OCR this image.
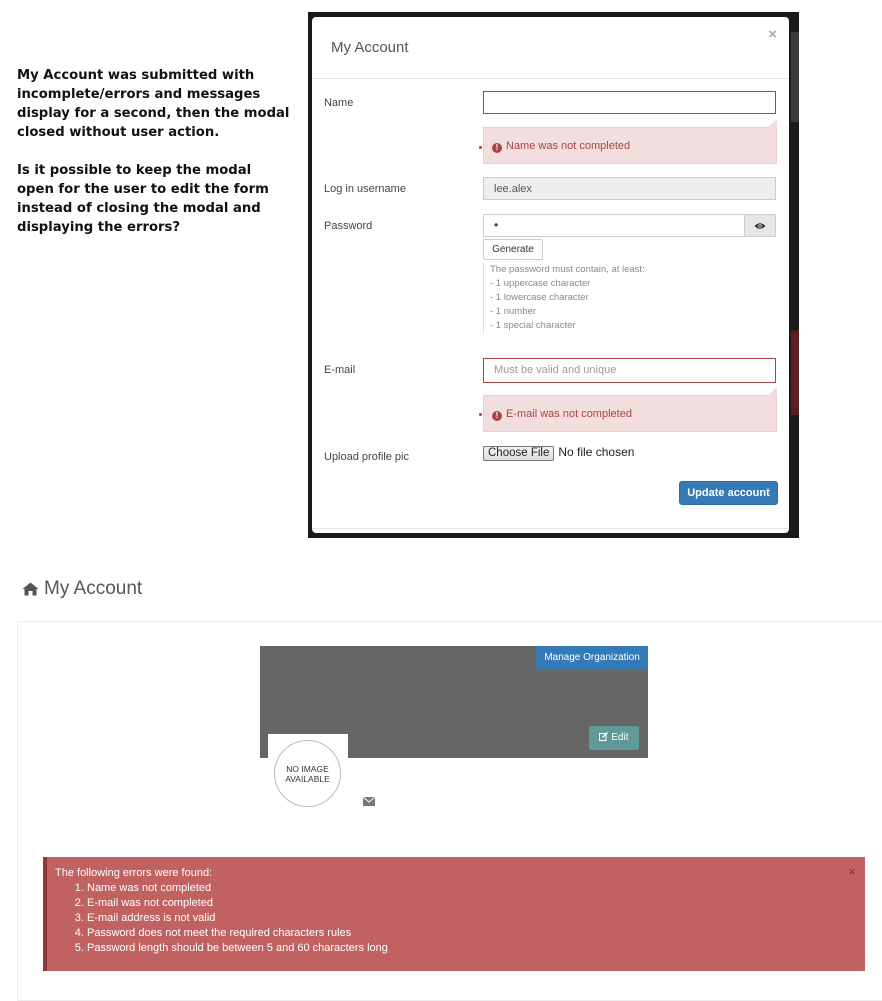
My Account was submitted with incomplete/errors and messages display for a second, then the modal closed without user action.

Is it possible to keep the modal open for the user to edit the form instead of closing the modal and displaying the errors?

My Account
×
Name
! Name was not completed
Log in username	lee.alex
Password	•
Generate
The password must contain, at least:
- 1 uppercase character
- 1 lowercase character
- 1 number
- 1 special character
E-mail	Must be valid and unique
! E-mail was not completed
Upload profile pic	Choose File No file chosen
Update account
My Account
Manage Organization
Edit
NO IMAGE
AVAILABLE
×
The following errors were found:
1. Name was not completed
2. E-mail was not completed
3. E-mail address is not valid
4. Password does not meet the required characters rules
5. Password length should be between 5 and 60 characters long
